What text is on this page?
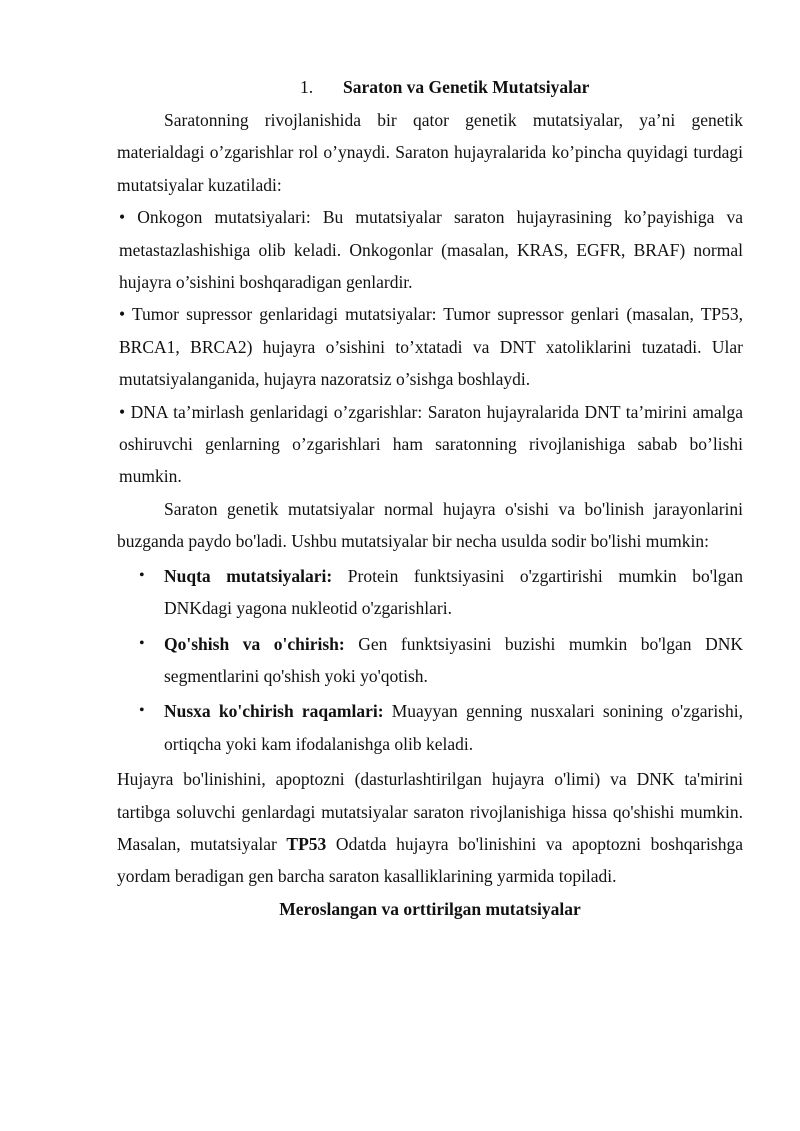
1. Saraton va Genetik Mutatsiyalar

Saratonning rivojlanishida bir qator genetik mutatsiyalar, ya’ni genetik materialdagi o’zgarishlar rol o’ynaydi. Saraton hujayralarida ko’pincha quyidagi turdagi mutatsiyalar kuzatiladi:

• Onkogon mutatsiyalari: Bu mutatsiyalar saraton hujayrasining ko’payishiga va metastazlashishiga olib keladi. Onkogonlar (masalan, KRAS, EGFR, BRAF) normal hujayra o’sishini boshqaradigan genlardir.

• Tumor supressor genlaridagi mutatsiyalar: Tumor supressor genlari (masalan, TP53, BRCA1, BRCA2) hujayra o’sishini to’xtatadi va DNT xatoliklarini tuzatadi. Ular mutatsiyalanganida, hujayra nazoratsiz o’sishga boshlaydi.

• DNA ta’mirlash genlaridagi o’zgarishlar: Saraton hujayralarida DNT ta’mirini amalga oshiruvchi genlarning o’zgarishlari ham saratonning rivojlanishiga sabab bo’lishi mumkin.

Saraton genetik mutatsiyalar normal hujayra o'sishi va bo'linish jarayonlarini buzganda paydo bo'ladi. Ushbu mutatsiyalar bir necha usulda sodir bo'lishi mumkin:

• Nuqta mutatsiyalari: Protein funktsiyasini o'zgartirishi mumkin bo'lgan DNKdagi yagona nukleotid o'zgarishlari.

• Qo'shish va o'chirish: Gen funktsiyasini buzishi mumkin bo'lgan DNK segmentlarini qo'shish yoki yo'qotish.

• Nusxa ko'chirish raqamlari: Muayyan genning nusxalari sonining o'zgarishi, ortiqcha yoki kam ifodalanishga olib keladi.

Hujayra bo'linishini, apoptozni (dasturlashtirilgan hujayra o'limi) va DNK ta'mirini tartibga soluvchi genlardagi mutatsiyalar saraton rivojlanishiga hissa qo'shishi mumkin. Masalan, mutatsiyalar TP53 Odatda hujayra bo'linishini va apoptozni boshqarishga yordam beradigan gen barcha saraton kasalliklarining yarmida topiladi.

Meroslangan va orttirilgan mutatsiyalar
